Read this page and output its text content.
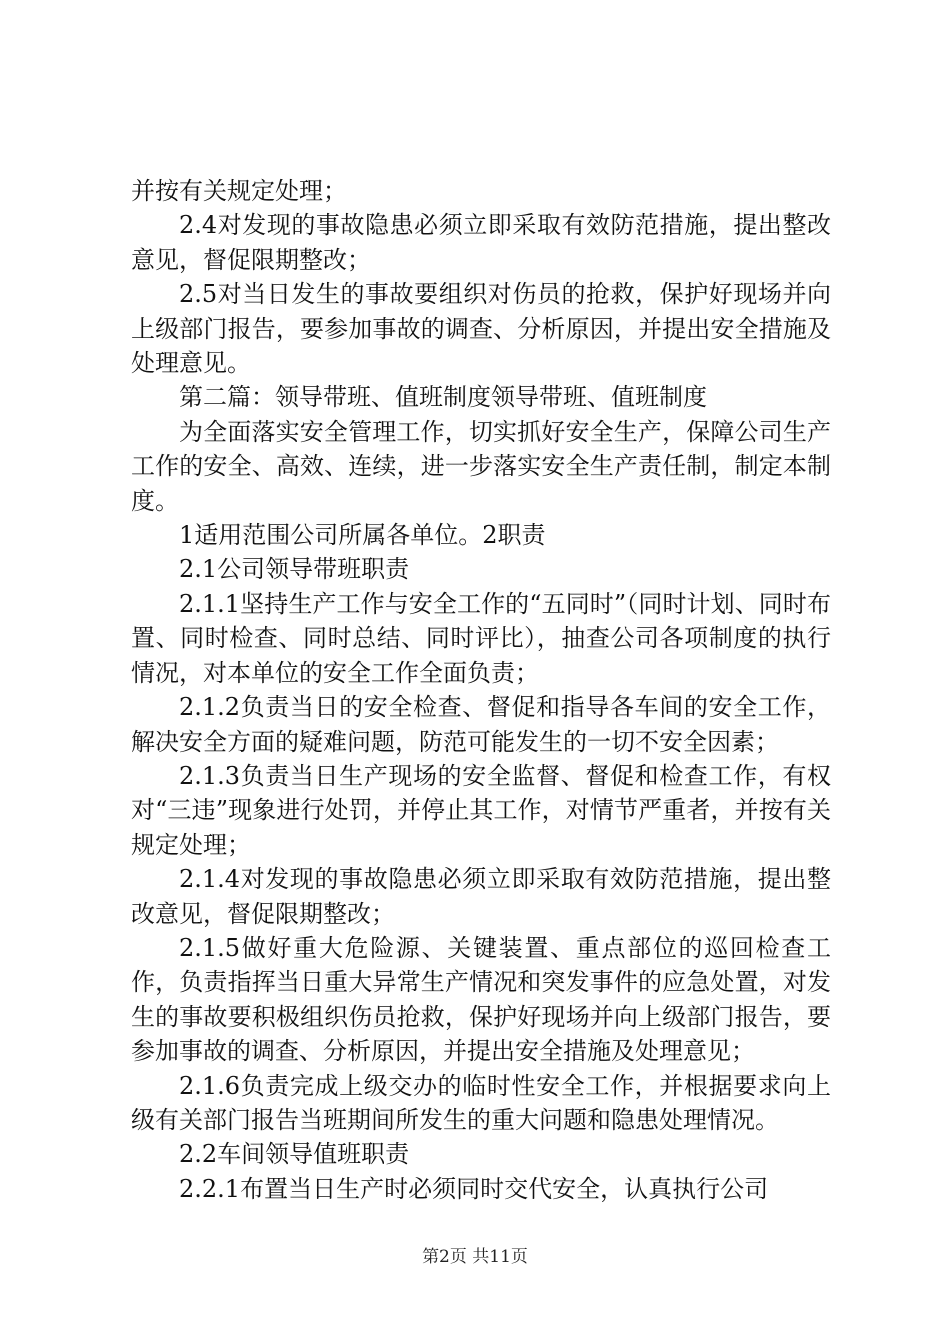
并按有关规定处理；

2.4对发现的事故隐患必须立即采取有效防范措施，提出整改意见，督促限期整改；

2.5对当日发生的事故要组织对伤员的抢救，保护好现场并向上级部门报告，要参加事故的调查、分析原因，并提出安全措施及处理意见。

第二篇：领导带班、值班制度领导带班、值班制度

为全面落实安全管理工作，切实抓好安全生产，保障公司生产工作的安全、高效、连续，进一步落实安全生产责任制，制定本制度。

1适用范围公司所属各单位。2职责

2.1公司领导带班职责

2.1.1坚持生产工作与安全工作的“五同时”（同时计划、同时布置、同时检查、同时总结、同时评比），抽查公司各项制度的执行情况，对本单位的安全工作全面负责；

2.1.2负责当日的安全检查、督促和指导各车间的安全工作，解决安全方面的疑难问题，防范可能发生的一切不安全因素；

2.1.3负责当日生产现场的安全监督、督促和检查工作，有权对“三违”现象进行处罚，并停止其工作，对情节严重者，并按有关规定处理；

2.1.4对发现的事故隐患必须立即采取有效防范措施，提出整改意见，督促限期整改；

2.1.5做好重大危险源、关键装置、重点部位的巡回检查工作，负责指挥当日重大异常生产情况和突发事件的应急处置，对发生的事故要积极组织伤员抢救，保护好现场并向上级部门报告，要参加事故的调查、分析原因，并提出安全措施及处理意见；

2.1.6负责完成上级交办的临时性安全工作，并根据要求向上级有关部门报告当班期间所发生的重大问题和隐患处理情况。

2.2车间领导值班职责

2.2.1布置当日生产时必须同时交代安全，认真执行公司

第2页 共11页
